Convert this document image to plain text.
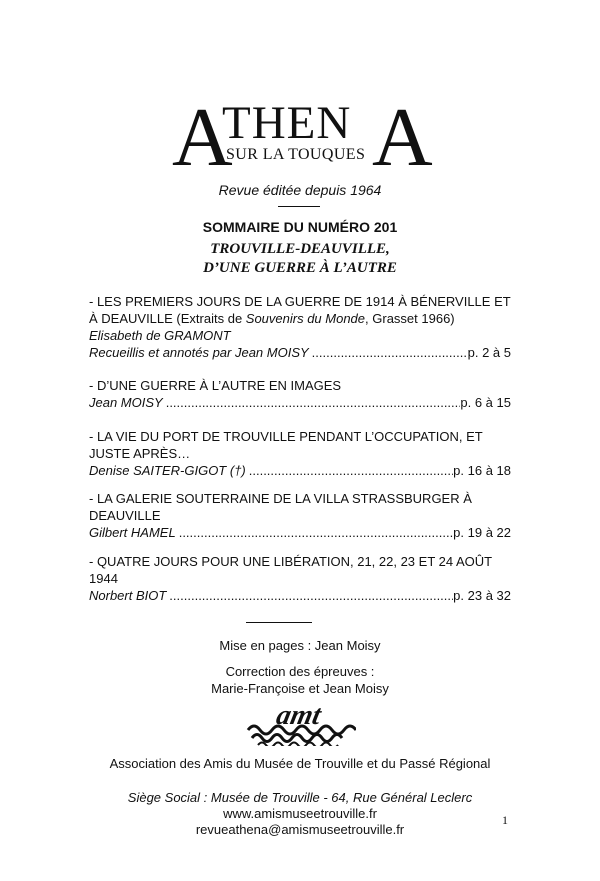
A
THEN
SUR LA TOUQUES A
Revue éditée depuis 1964
SOMMAIRE DU NUMÉRO 201
TROUVILLE-DEAUVILLE,
D’UNE GUERRE À L’AUTRE
- LES PREMIERS JOURS DE LA GUERRE DE 1914 À BÉNERVILLE ET
À DEAUVILLE (Extraits de Souvenirs du Monde, Grasset 1966)
Elisabeth de GRAMONT
Recueillis et annotés par Jean MOISY .....	p. 2 à 5
- D’UNE GUERRE À L’AUTRE EN IMAGES
Jean MOISY .....	p. 6 à 15
- LA VIE DU PORT DE TROUVILLE PENDANT L’OCCUPATION, ET
JUSTE APRÈS…
Denise SAITER-GIGOT (†) .....	p. 16 à 18
- LA GALERIE SOUTERRAINE DE LA VILLA STRASSBURGER À
DEAUVILLE
Gilbert HAMEL .....	p. 19 à 22
- QUATRE JOURS POUR UNE LIBÉRATION, 21, 22, 23 ET 24 AOÛT
1944
Norbert BIOT .....	p. 23 à 32
Mise en pages : Jean Moisy
Correction des épreuves :
Marie-Françoise et Jean Moisy
amt
Association des Amis du Musée de Trouville et du Passé Régional
Siège Social : Musée de Trouville - 64, Rue Général Leclerc
www.amismuseetrouville.fr
revueathena@amismuseetrouville.fr
1
